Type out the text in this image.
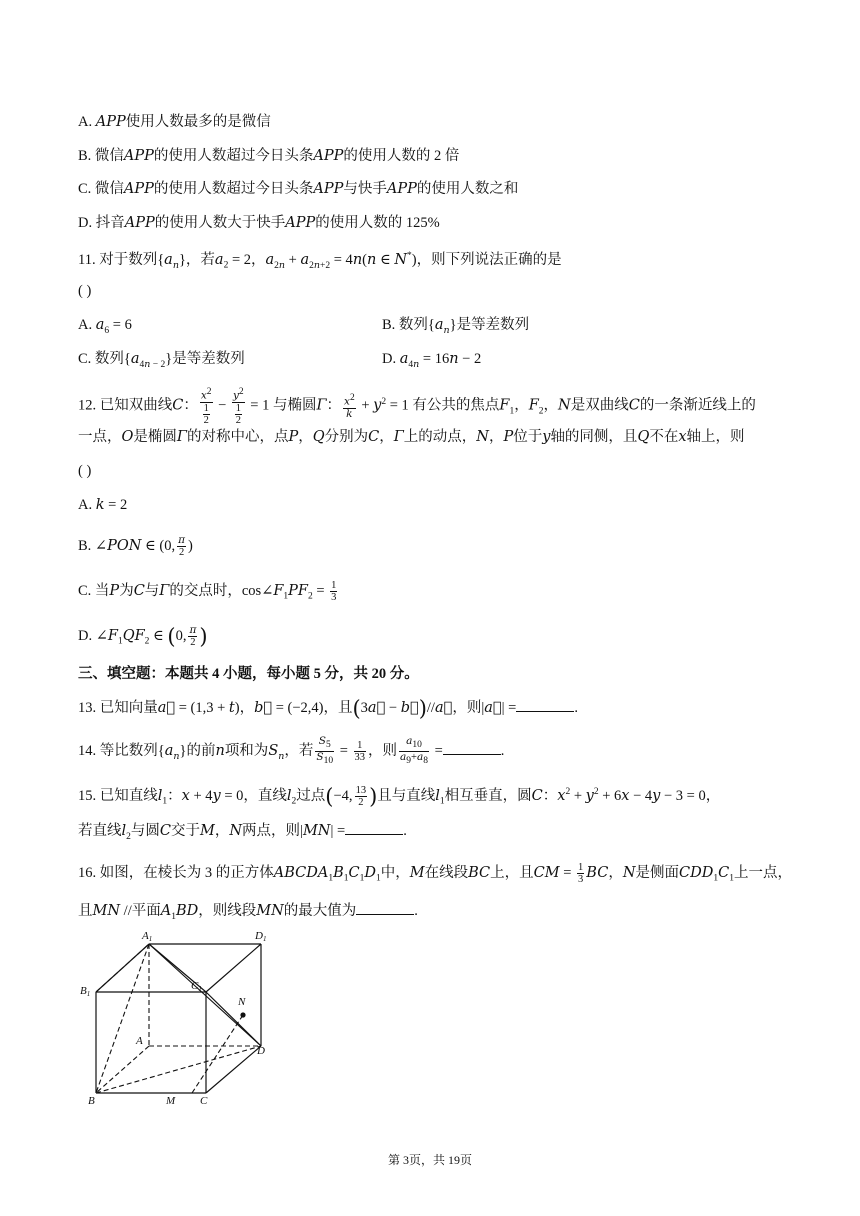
A. APP使用人数最多的是微信
B. 微信APP的使用人数超过今日头条APP的使用人数的 2 倍
C. 微信APP的使用人数超过今日头条APP与快手APP的使用人数之和
D. 抖音APP的使用人数大于快手APP的使用人数的 125%
11. 对于数列$\{a_n\}$，若$a_2 = 2$，$a_{2n} + a_{2n+2} = 4n(n$ ∈ N*)，则下列说法正确的是
( )
A. $a_6 = 6$	B. 数列$\{a_n\}$是等差数列
C. 数列$\{a_{4n - 2}\}$是等差数列	D. $a_{4n} = 16n - 2$
12. 已知双曲线C： $\frac{x^2}{\frac{1}{2}} - \frac{y^2}{\frac{1}{2}} = 1$ 与椭圆Γ： $\frac{x^2}{k} + y^2 = 1$ 有公共的焦点$F_1$，$F_2$，N是双曲线C的一条渐近线上的
一点，O是椭圆Γ的对称中心，点P，Q分别为C，Γ上的动点，N，P位于y轴的同侧，且Q不在x轴上，则
( )
A. k = 2
B. ∠PON ∈ (0, $\frac{\pi}{2}$ )
C. 当P为C与Γ的交点时，$\cos\angle F_1PF_2 = \frac{1}{3}$
D. $\angle F_1QF_2$ ∈ (0, $\frac{\pi}{2}$ )
三、填空题：本题共 4 小题，每小题 5 分，共 20 分。
13. 已知向量a⃗ = (1,3 + t)，b⃗ = (−2,4)，且(3a⃗ − b⃗)//a⃗，则|a⃗| =	.
14. 等比数列$\{a_n\}$的前n项和为$S_n$，若 $\frac{S_5}{S_{10}} = \frac{1}{33}$ ，则 $\frac{a_{10}}{a_9+a_8}$ =	.
15. 已知直线$l_1$：x + 4y = 0，直线$l_2$过点(−4, $\frac{13}{2}$ )且与直线$l_1$相互垂直，圆C：$x^2 + y^2 + 6x - 4y - 3 = 0$，
若直线$l_2$与圆C交于M，N两点，则|MN| =	.
16. 如图，在棱长为 3 的正方体$ABCDA_1B_1C_1D_1$中，M在线段BC上，且CM = $\frac{1}{3}$ BC，N是侧面$CDD_1C_1$上一点，
且MN //平面$A_1BD$，则线段MN的最大值为	.
A1	D1
B1
C1
N
A
D
B	M C
第 3页，共 19页
